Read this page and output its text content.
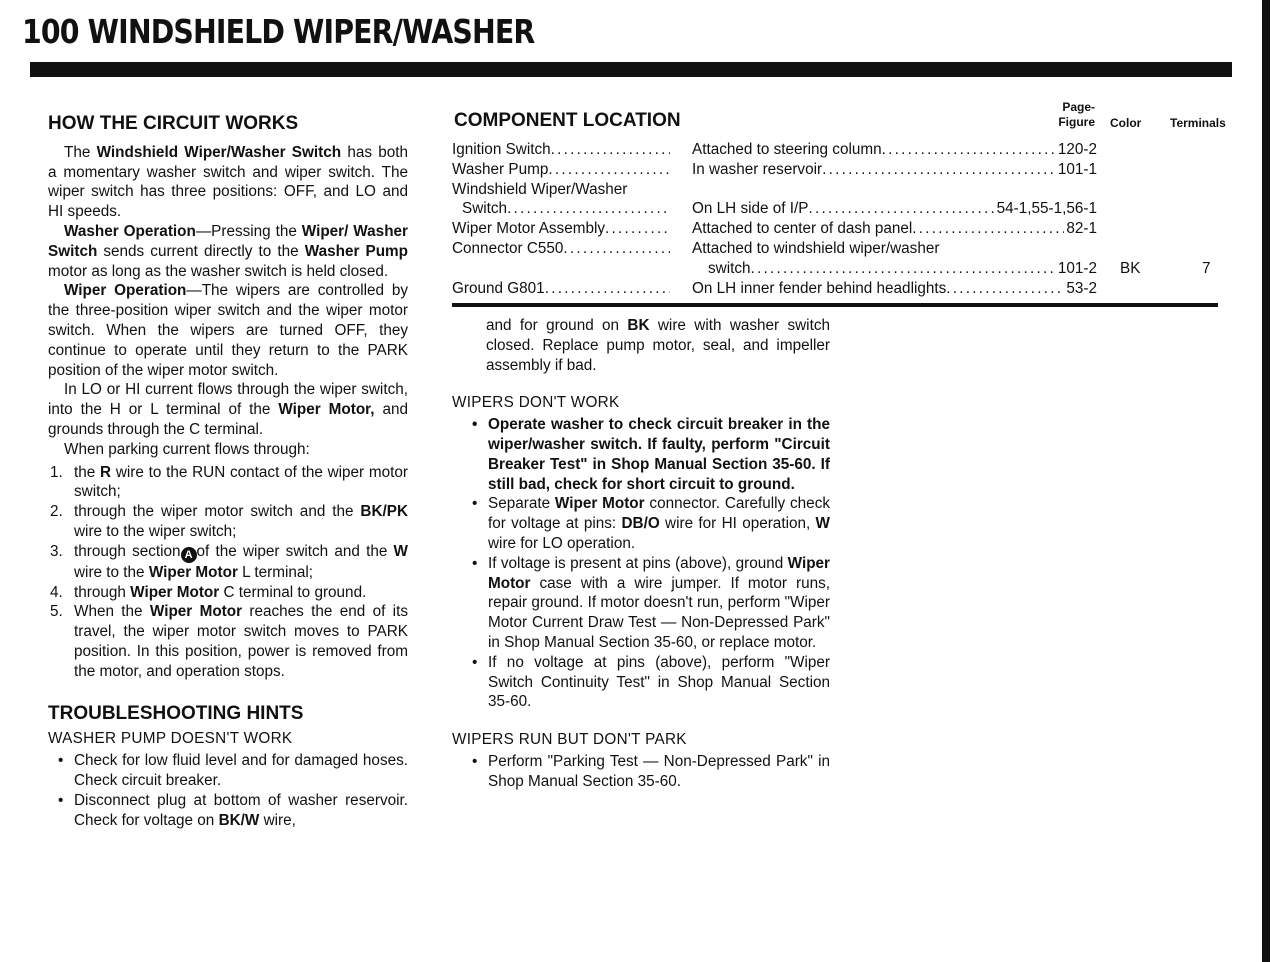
100 WINDSHIELD WIPER/WASHER
HOW THE CIRCUIT WORKS

The Windshield Wiper/Washer Switch has both a momentary washer switch and wiper switch. The wiper switch has three positions: OFF, and LO and HI speeds.

Washer Operation—Pressing the Wiper/ Washer Switch sends current directly to the Washer Pump motor as long as the washer switch is held closed.

Wiper Operation—The wipers are controlled by the three-position wiper switch and the wiper motor switch. When the wipers are turned OFF, they continue to operate until they return to the PARK position of the wiper motor switch.

In LO or HI current flows through the wiper switch, into the H or L terminal of the Wiper Motor, and grounds through the C terminal.

When parking current flows through:

1. the R wire to the RUN contact of the wiper motor switch;
2. through the wiper motor switch and the BK/PK wire to the wiper switch;
3. through section A of the wiper switch and the W wire to the Wiper Motor L terminal;
4. through Wiper Motor C terminal to ground.
5. When the Wiper Motor reaches the end of its travel, the wiper motor switch moves to PARK position. In this position, power is removed from the motor, and operation stops.
TROUBLESHOOTING HINTS

WASHER PUMP DOESN'T WORK

• Check for low fluid level and for damaged hoses. Check circuit breaker.
• Disconnect plug at bottom of washer reservoir. Check for voltage on BK/W wire,
COMPONENT LOCATION
Page-
Figure Color Terminals
Ignition Switch . . .	Attached to steering column . . .	120-2
Washer Pump . . .	In washer reservoir . . .	101-1
Windshield Wiper/Washer
Switch . . .	On LH side of I/P . . .	54-1,55-1,56-1
Wiper Motor Assembly . . .	Attached to center of dash panel . . .	82-1
Connector C550 . . .	Attached to windshield wiper/washer
switch . . .	101-2 BK	7
Ground G801 . . .	On LH inner fender behind headlights . . .	53-2

and for ground on BK wire with washer switch closed. Replace pump motor, seal, and impeller assembly if bad.

WIPERS DON'T WORK

• Operate washer to check circuit breaker in the wiper/washer switch. If faulty, perform "Circuit Breaker Test" in Shop Manual Section 35-60. If still bad, check for short circuit to ground.
• Separate Wiper Motor connector. Carefully check for voltage at pins: DB/O wire for HI operation, W wire for LO operation.
• If voltage is present at pins (above), ground Wiper Motor case with a wire jumper. If motor runs, repair ground. If motor doesn't run, perform "Wiper Motor Current Draw Test — Non-Depressed Park" in Shop Manual Section 35-60, or replace motor.
• If no voltage at pins (above), perform "Wiper Switch Continuity Test" in Shop Manual Section 35-60.

WIPERS RUN BUT DON'T PARK

• Perform "Parking Test — Non-Depressed Park" in Shop Manual Section 35-60.
